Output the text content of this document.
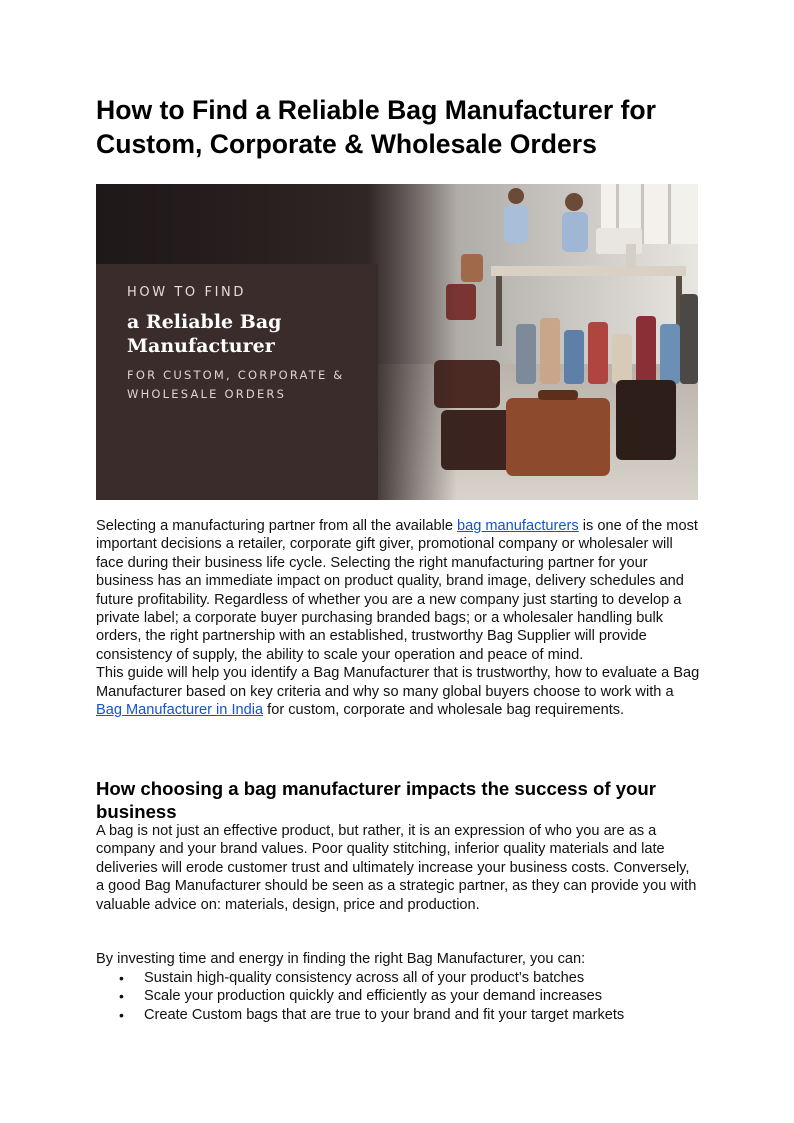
How to Find a Reliable Bag Manufacturer for Custom, Corporate & Wholesale Orders
HOW TO FIND
a Reliable Bag
Manufacturer
FOR CUSTOM, CORPORATE &
WHOLESALE ORDERS

Selecting a manufacturing partner from all the available bag manufacturers is one of the most important decisions a retailer, corporate gift giver, promotional company or wholesaler will face during their business life cycle. Selecting the right manufacturing partner for your business has an immediate impact on product quality, brand image, delivery schedules and future profitability. Regardless of whether you are a new company just starting to develop a private label; a corporate buyer purchasing branded bags; or a wholesaler handling bulk orders, the right partnership with an established, trustworthy Bag Supplier will provide consistency of supply, the ability to scale your operation and peace of mind.

This guide will help you identify a Bag Manufacturer that is trustworthy, how to evaluate a Bag Manufacturer based on key criteria and why so many global buyers choose to work with a Bag Manufacturer in India for custom, corporate and wholesale bag requirements.

How choosing a bag manufacturer impacts the success of your business
A bag is not just an effective product, but rather, it is an expression of who you are as a company and your brand values. Poor quality stitching, inferior quality materials and late deliveries will erode customer trust and ultimately increase your business costs. Conversely, a good Bag Manufacturer should be seen as a strategic partner, as they can provide you with valuable advice on: materials, design, price and production.
By investing time and energy in finding the right Bag Manufacturer, you can:
• Sustain high-quality consistency across all of your product’s batches
• Scale your production quickly and efficiently as your demand increases
• Create Custom bags that are true to your brand and fit your target markets
